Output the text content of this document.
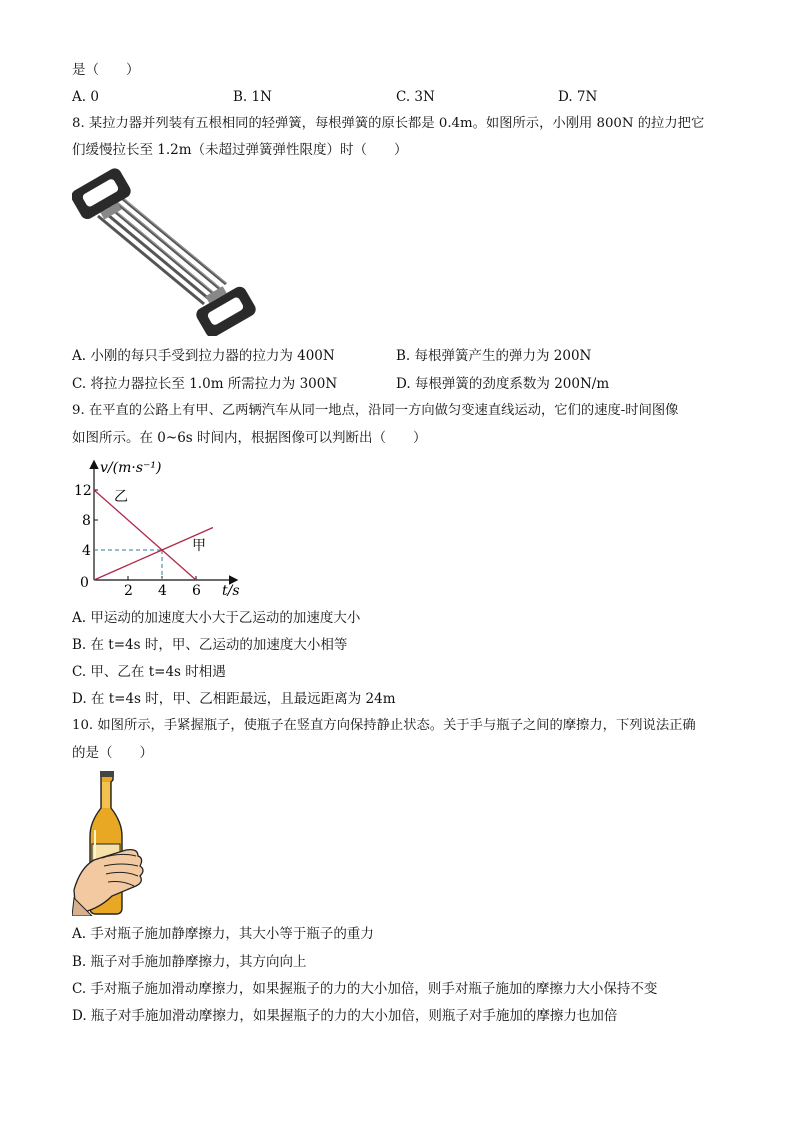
是（　　）
A. 0	B. 1N	C. 3N	D. 7N
8. 某拉力器并列装有五根相同的轻弹簧，每根弹簧的原长都是 0.4m。如图所示，小刚用 800N 的拉力把它
们缓慢拉长至 1.2m（未超过弹簧弹性限度）时（　　）
A. 小刚的每只手受到拉力器的拉力为 400N	B. 每根弹簧产生的弹力为 200N
C. 将拉力器拉长至 1.0m 所需拉力为 300N	D. 每根弹簧的劲度系数为 200N/m
9. 在平直的公路上有甲、乙两辆汽车从同一地点，沿同一方向做匀变速直线运动，它们的速度-时间图像
如图所示。在 0~6s 时间内，根据图像可以判断出（　　）
2 4 6
4
8
12
v/(m·s⁻¹)
t/s
0
乙
甲
A. 甲运动的加速度大小大于乙运动的加速度大小
B. 在 t=4s 时，甲、乙运动的加速度大小相等
C. 甲、乙在 t=4s 时相遇
D. 在 t=4s 时，甲、乙相距最远，且最远距离为 24m
10. 如图所示，手紧握瓶子，使瓶子在竖直方向保持静止状态。关于手与瓶子之间的摩擦力，下列说法正确
的是（　　）
A. 手对瓶子施加静摩擦力，其大小等于瓶子的重力
B. 瓶子对手施加静摩擦力，其方向向上
C. 手对瓶子施加滑动摩擦力，如果握瓶子的力的大小加倍，则手对瓶子施加的摩擦力大小保持不变
D. 瓶子对手施加滑动摩擦力，如果握瓶子的力的大小加倍，则瓶子对手施加的摩擦力也加倍
